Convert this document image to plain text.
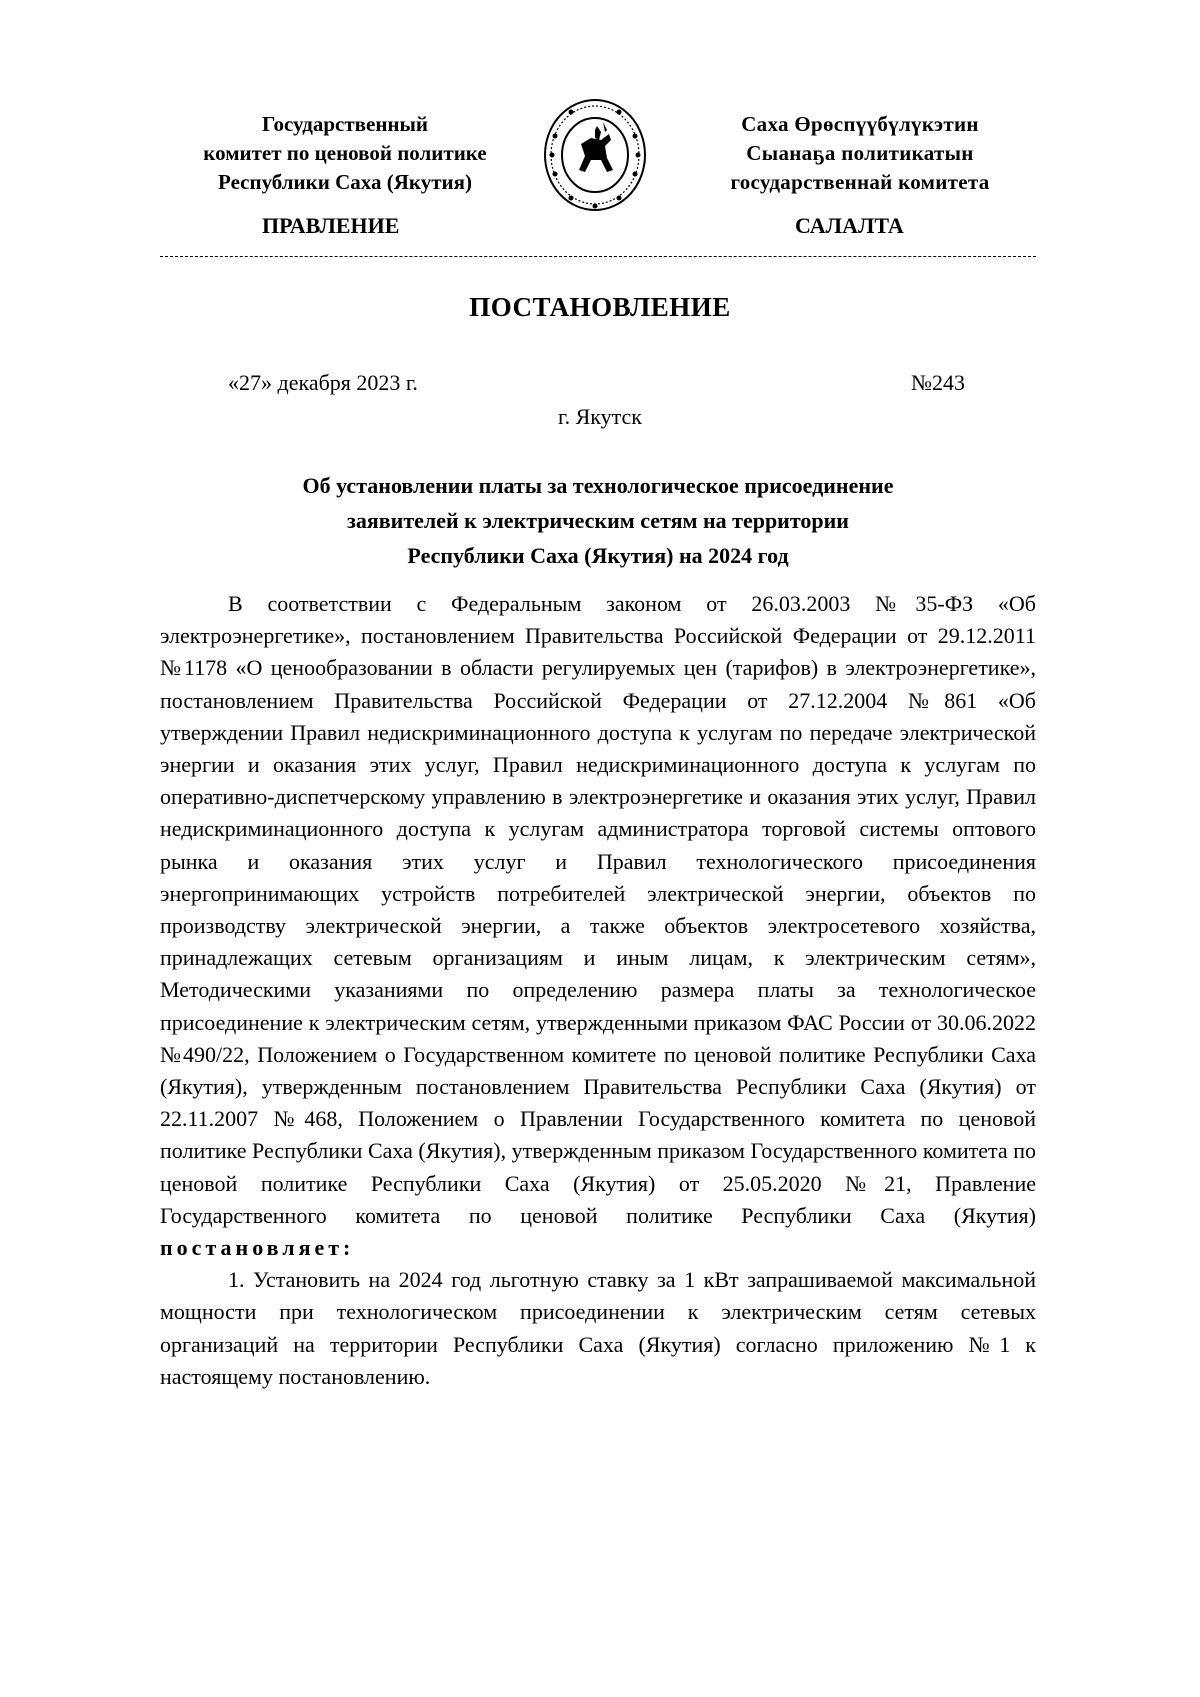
Государственный
комитет по ценовой политике
Республики Саха (Якутия)
Саха Өрөспүүбүлүкэтин
Сыанаҕа политикатын
государственнай комитета
ПРАВЛЕНИЕ	САЛАЛТА
ПОСТАНОВЛЕНИЕ
«27» декабря 2023 г.	№243
г. Якутск
Об установлении платы за технологическое присоединение
заявителей к электрическим сетям на территории
Республики Саха (Якутия) на 2024 год

В соответствии с Федеральным законом от 26.03.2003 №35-ФЗ «Об электроэнергетике», постановлением Правительства Российской Федерации от 29.12.2011 №1178 «О ценообразовании в области регулируемых цен (тарифов) в электроэнергетике», постановлением Правительства Российской Федерации от 27.12.2004 №861 «Об утверждении Правил недискриминационного доступа к услугам по передаче электрической энергии и оказания этих услуг, Правил недискриминационного доступа к услугам по оперативно-диспетчерскому управлению в электроэнергетике и оказания этих услуг, Правил недискриминационного доступа к услугам администратора торговой системы оптового рынка и оказания этих услуг и Правил технологического присоединения энергопринимающих устройств потребителей электрической энергии, объектов по производству электрической энергии, а также объектов электросетевого хозяйства, принадлежащих сетевым организациям и иным лицам, к электрическим сетям», Методическими указаниями по определению размера платы за технологическое присоединение к электрическим сетям, утвержденными приказом ФАС России от 30.06.2022 №490/22, Положением о Государственном комитете по ценовой политике Республики Саха (Якутия), утвержденным постановлением Правительства Республики Саха (Якутия) от 22.11.2007 №468, Положением о Правлении Государственного комитета по ценовой политике Республики Саха (Якутия), утвержденным приказом Государственного комитета по ценовой политике Республики Саха (Якутия) от 25.05.2020 №21, Правление Государственного комитета по ценовой политике Республики Саха (Якутия) постановляет:

1. Установить на 2024 год льготную ставку за 1 кВт запрашиваемой максимальной мощности при технологическом присоединении к электрическим сетям сетевых организаций на территории Республики Саха (Якутия) согласно приложению №1 к настоящему постановлению.
